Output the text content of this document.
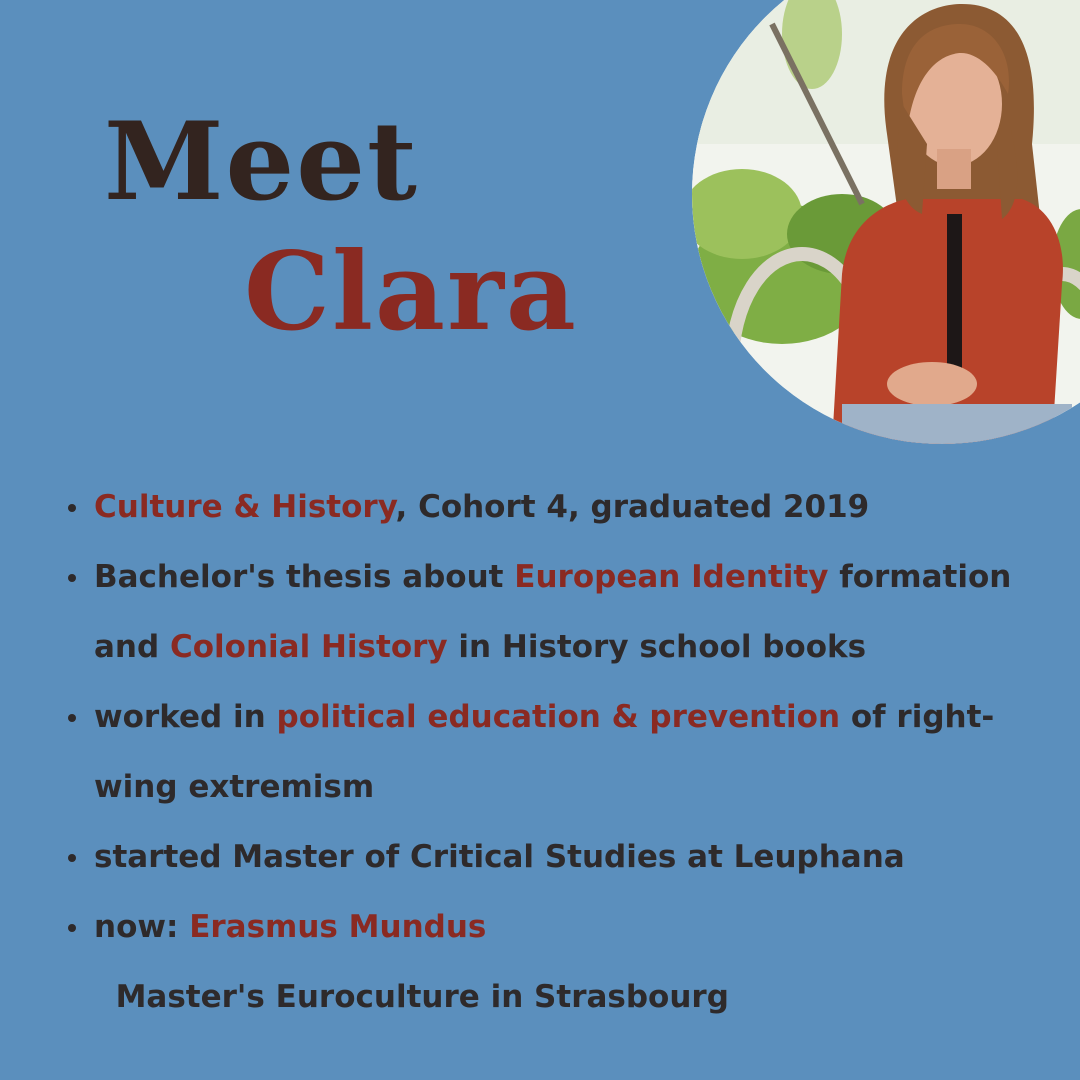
Meet
Clara
Culture & History, Cohort 4, graduated 2019
Bachelor's thesis about European Identity formation and Colonial History in History school books
worked in political education & prevention of right-wing extremism
started Master of Critical Studies at Leuphana
now: Erasmus Mundus  Master's Euroculture in Strasbourg
